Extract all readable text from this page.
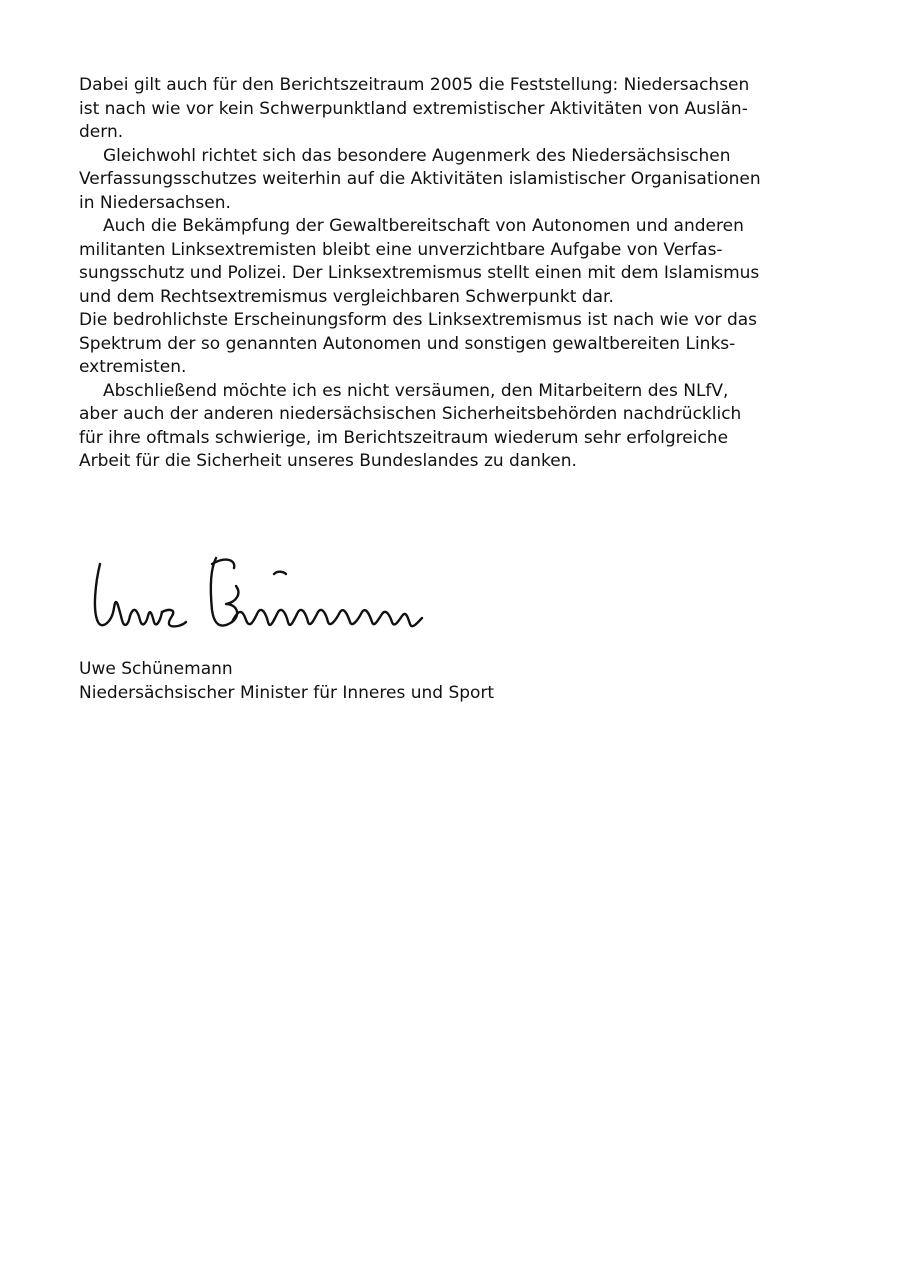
Dabei gilt auch für den Berichtszeitraum 2005 die Feststellung: Niedersachsen
ist nach wie vor kein Schwerpunktland extremistischer Aktivitäten von Auslän-
dern.
Gleichwohl richtet sich das besondere Augenmerk des Niedersächsischen
Verfassungsschutzes weiterhin auf die Aktivitäten islamistischer Organisationen
in Niedersachsen.
Auch die Bekämpfung der Gewaltbereitschaft von Autonomen und anderen
militanten Linksextremisten bleibt eine unverzichtbare Aufgabe von Verfas-
sungsschutz und Polizei. Der Linksextremismus stellt einen mit dem Islamismus
und dem Rechtsextremismus vergleichbaren Schwerpunkt dar.
Die bedrohlichste Erscheinungsform des Linksextremismus ist nach wie vor das
Spektrum der so genannten Autonomen und sonstigen gewaltbereiten Links-
extremisten.
Abschließend möchte ich es nicht versäumen, den Mitarbeitern des NLfV,
aber auch der anderen niedersächsischen Sicherheitsbehörden nachdrücklich
für ihre oftmals schwierige, im Berichtszeitraum wiederum sehr erfolgreiche
Arbeit für die Sicherheit unseres Bundeslandes zu danken.
Uwe Schünemann
Niedersächsischer Minister für Inneres und Sport
